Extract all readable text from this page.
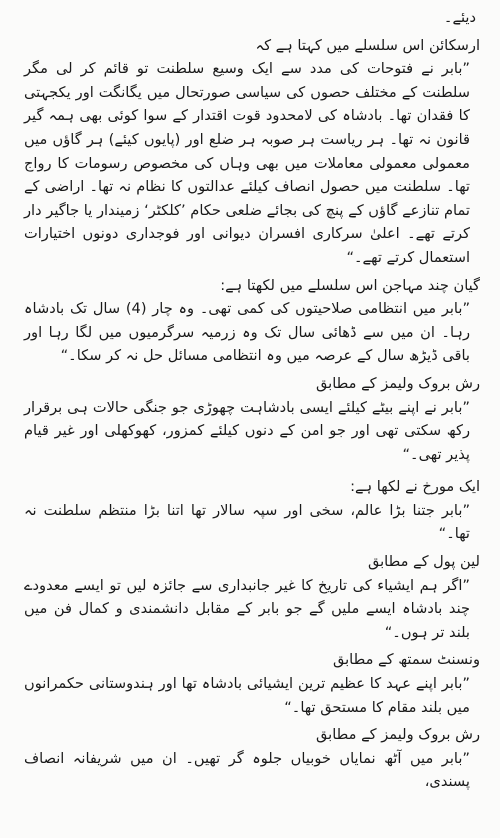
دیئے۔

ارسکائن اس سلسلے میں کہتا ہے کہ

”بابر نے فتوحات کی مدد سے ایک وسیع سلطنت تو قائم کر لی مگر سلطنت کے مختلف حصوں کی سیاسی صورتحال میں یگانگت اور یکجہتی کا فقدان تھا۔ بادشاہ کی لامحدود قوت اقتدار کے سوا کوئی بھی ہمہ گیر قانون نہ تھا۔ ہر ریاست ہر صوبہ ہر ضلع اور (پایوں کیئے) ہر گاؤں میں معمولی معمولی معاملات میں بھی وہاں کی مخصوص رسومات کا رواج تھا۔ سلطنت میں حصول انصاف کیلئے عدالتوں کا نظام نہ تھا۔ اراضی کے تمام تنازعے گاؤں کے پنچ کی بجائے ضلعی حکام ’کلکٹر‘ زمیندار یا جاگیر دار کرتے تھے۔ اعلیٰ سرکاری افسران دیوانی اور فوجداری دونوں اختیارات استعمال کرتے تھے۔“

گیان چند مہاجن اس سلسلے میں لکھتا ہے:

”بابر میں انتظامی صلاحیتوں کی کمی تھی۔ وہ چار (4) سال تک بادشاہ رہا۔ ان میں سے ڈھائی سال تک وہ زرمیہ سرگرمیوں میں لگا رہا اور باقی ڈیڑھ سال کے عرصہ میں وہ انتظامی مسائل حل نہ کر سکا۔“

رش بروک ولیمز کے مطابق

”بابر نے اپنے بیٹے کیلئے ایسی بادشاہت چھوڑی جو جنگی حالات ہی برقرار رکھ سکتی تھی اور جو امن کے دنوں کیلئے کمزور، کھوکھلی اور غیر قیام پذیر تھی۔“

ایک مورخ نے لکھا ہے:

”بابر جتنا بڑا عالم، سخی اور سپہ سالار تھا اتنا بڑا منتظم سلطنت نہ تھا۔“

لین پول کے مطابق

”اگر ہم ایشیاء کی تاریخ کا غیر جانبداری سے جائزہ لیں تو ایسے معدودے چند بادشاہ ایسے ملیں گے جو بابر کے مقابل دانشمندی و کمال فن میں بلند تر ہوں۔“

ونسنٹ سمتھ کے مطابق

”بابر اپنے عہد کا عظیم ترین ایشیائی بادشاہ تھا اور ہندوستانی حکمرانوں میں بلند مقام کا مستحق تھا۔“

رش بروک ولیمز کے مطابق

”بابر میں آٹھ نمایاں خوبیاں جلوہ گر تھیں۔ ان میں شریفانہ انصاف پسندی،
